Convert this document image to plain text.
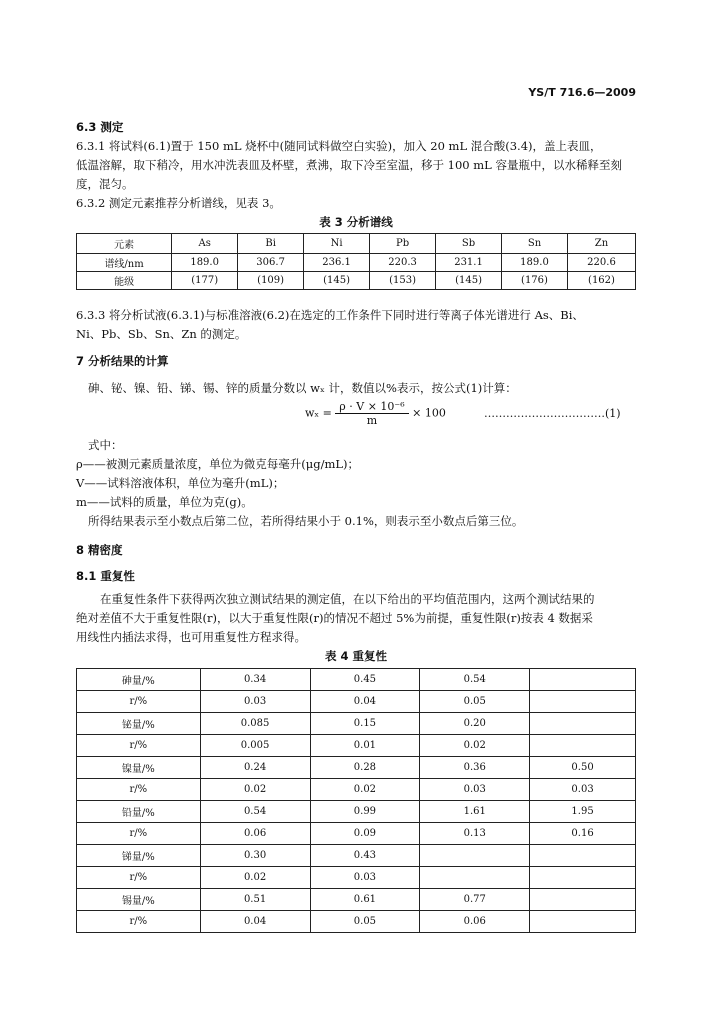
YS/T 716.6—2009
6.3 测定
6.3.1 将试料(6.1)置于 150 mL 烧杯中(随同试料做空白实验)，加入 20 mL 混合酸(3.4)，盖上表皿，
低温溶解，取下稍冷，用水冲洗表皿及杯壁，煮沸，取下冷至室温，移于 100 mL 容量瓶中，以水稀释至刻
度，混匀。
6.3.2 测定元素推荐分析谱线，见表 3。
表 3 分析谱线
元素	As	Bi	Ni	Pb	Sb	Sn	Zn
谱线/nm	189.0	306.7	236.1	220.3	231.1	189.0	220.6
能级	(177)	(109)	(145)	(153)	(145)	(176)	(162)
6.3.3 将分析试液(6.3.1)与标准溶液(6.2)在选定的工作条件下同时进行等离子体光谱进行 As、Bi、
Ni、Pb、Sb、Sn、Zn 的测定。
7 分析结果的计算
砷、铋、镍、铅、锑、锡、锌的质量分数以 wₓ 计，数值以%表示，按公式(1)计算：
$w_x = \frac{\text{ρ · V × 10⁻⁶}}{m} \times 100$	……………………………(1)
式中：
ρ——被测元素质量浓度，单位为微克每毫升(μg/mL)；
V——试料溶液体积，单位为毫升(mL)；
m——试料的质量，单位为克(g)。
所得结果表示至小数点后第二位，若所得结果小于 0.1%，则表示至小数点后第三位。
8 精密度
8.1 重复性
在重复性条件下获得两次独立测试结果的测定值，在以下给出的平均值范围内，这两个测试结果的
绝对差值不大于重复性限(r)，以大于重复性限(r)的情况不超过 5%为前提，重复性限(r)按表 4 数据采
用线性内插法求得，也可用重复性方程求得。
表 4 重复性
砷量/%	0.34	0.45	0.54	
r/%	0.03	0.04	0.05	
铋量/%	0.085	0.15	0.20	
r/%	0.005	0.01	0.02	
镍量/%	0.24	0.28	0.36	0.50
r/%	0.02	0.02	0.03	0.03
铅量/%	0.54	0.99	1.61	1.95
r/%	0.06	0.09	0.13	0.16
锑量/%	0.30	0.43		
r/%	0.02	0.03		
锡量/%	0.51	0.61	0.77	
r/%	0.04	0.05	0.06	
